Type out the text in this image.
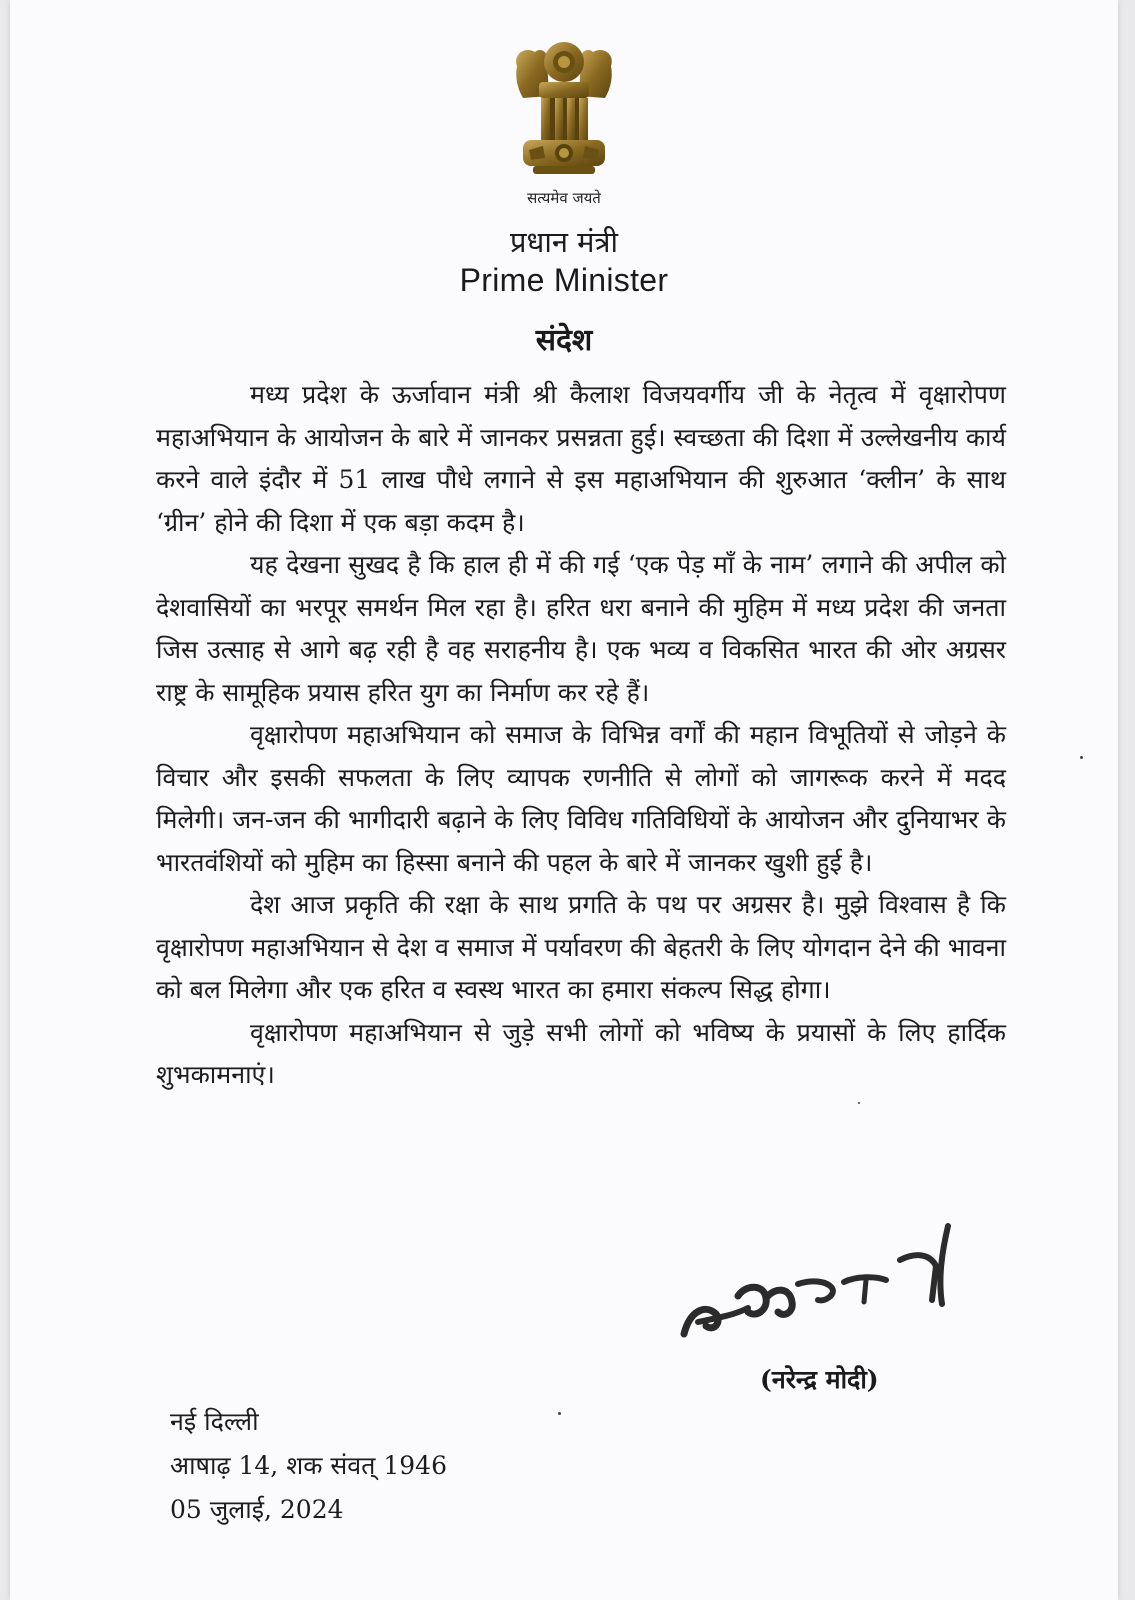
सत्यमेव जयते
प्रधान मंत्री
Prime Minister
संदेश

मध्य प्रदेश के ऊर्जावान मंत्री श्री कैलाश विजयवर्गीय जी के नेतृत्व में वृक्षारोपण महाअभियान के आयोजन के बारे में जानकर प्रसन्नता हुई। स्वच्छता की दिशा में उल्लेखनीय कार्य करने वाले इंदौर में 51 लाख पौधे लगाने से इस महाअभियान की शुरुआत ‘क्लीन’ के साथ ‘ग्रीन’ होने की दिशा में एक बड़ा कदम है।

यह देखना सुखद है कि हाल ही में की गई ‘एक पेड़ माँ के नाम’ लगाने की अपील को देशवासियों का भरपूर समर्थन मिल रहा है। हरित धरा बनाने की मुहिम में मध्य प्रदेश की जनता जिस उत्साह से आगे बढ़ रही है वह सराहनीय है। एक भव्य व विकसित भारत की ओर अग्रसर राष्ट्र के सामूहिक प्रयास हरित युग का निर्माण कर रहे हैं।

वृक्षारोपण महाअभियान को समाज के विभिन्न वर्गों की महान विभूतियों से जोड़ने के विचार और इसकी सफलता के लिए व्यापक रणनीति से लोगों को जागरूक करने में मदद मिलेगी। जन-जन की भागीदारी बढ़ाने के लिए विविध गतिविधियों के आयोजन और दुनियाभर के भारतवंशियों को मुहिम का हिस्सा बनाने की पहल के बारे में जानकर खुशी हुई है।

देश आज प्रकृति की रक्षा के साथ प्रगति के पथ पर अग्रसर है। मुझे विश्वास है कि वृक्षारोपण महाअभियान से देश व समाज में पर्यावरण की बेहतरी के लिए योगदान देने की भावना को बल मिलेगा और एक हरित व स्वस्थ भारत का हमारा संकल्प सिद्ध होगा।

वृक्षारोपण महाअभियान से जुड़े सभी लोगों को भविष्य के प्रयासों के लिए हार्दिक शुभकामनाएं।

(नरेन्द्र मोदी)
नई दिल्ली
आषाढ़ 14, शक संवत् 1946
05 जुलाई, 2024
